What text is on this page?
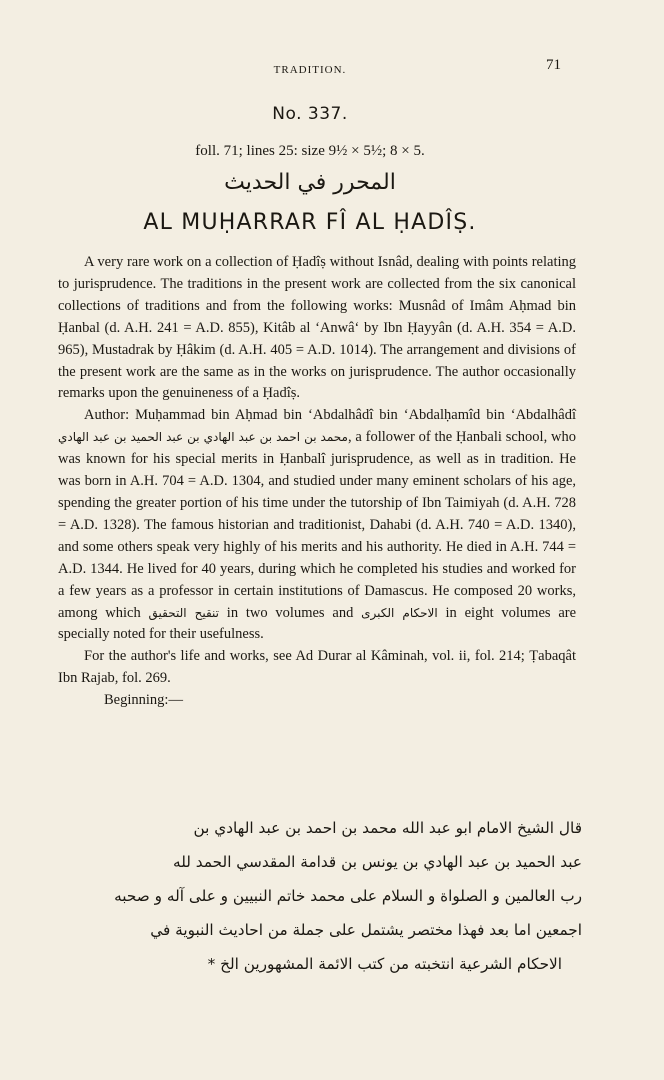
TRADITION.	71
No. 337.
foll. 71; lines 25: size 9½ × 5½; 8 × 5.
المحرر في الحديث
AL MUḤARRAR FÎ AL ḤADÎṢ.

A very rare work on a collection of Ḥadîṣ without Isnâd, dealing with points relating to jurisprudence. The traditions in the present work are collected from the six canonical collections of traditions and from the following works: Musnâd of Imâm Aḥmad bin Ḥanbal (d. A.H. 241 = A.D. 855), Kitâb al ‘Anwâ‘ by Ibn Ḥayyân (d. A.H. 354 = A.D. 965), Mustadrak by Ḥâkim (d. A.H. 405 = A.D. 1014). The arrangement and divisions of the present work are the same as in the works on jurisprudence. The author occasionally remarks upon the genuineness of a Ḥadîṣ.

Author: Muḥammad bin Aḥmad bin ‘Abdalhâdî bin ‘Abdalḥamîd bin ‘Abdalhâdî محمد بن احمد بن عبد الهادي بن عبد الحميد بن عبد الهادي, a follower of the Ḥanbali school, who was known for his special merits in Ḥanbalî jurisprudence, as well as in tradition. He was born in A.H. 704 = A.D. 1304, and studied under many eminent scholars of his age, spending the greater portion of his time under the tutorship of Ibn Taimiyah (d. A.H. 728 = A.D. 1328). The famous historian and traditionist, Dahabi (d. A.H. 740 = A.D. 1340), and some others speak very highly of his merits and his authority. He died in A.H. 744 = A.D. 1344. He lived for 40 years, during which he completed his studies and worked for a few years as a professor in certain institutions of Damascus. He composed 20 works, among which تنقيح التحقيق in two volumes and الاحكام الكبرى in eight volumes are specially noted for their usefulness.

For the author's life and works, see Ad Durar al Kâminah, vol. ii, fol. 214; Ṭabaqât Ibn Rajab, fol. 269.

Beginning:—

قال الشيخ الامام ابو عبد الله محمد بن احمد بن عبد الهادي بن
عبد الحميد بن عبد الهادي بن يونس بن قدامة المقدسي الحمد لله
رب العالمين و الصلواة و السلام على محمد خاتم النبيين و على آله و صحبه
اجمعين اما بعد فهذا مختصر يشتمل على جملة من احاديث النبوية في
الاحكام الشرعية انتخبته من كتب الائمة المشهورين الخ *
